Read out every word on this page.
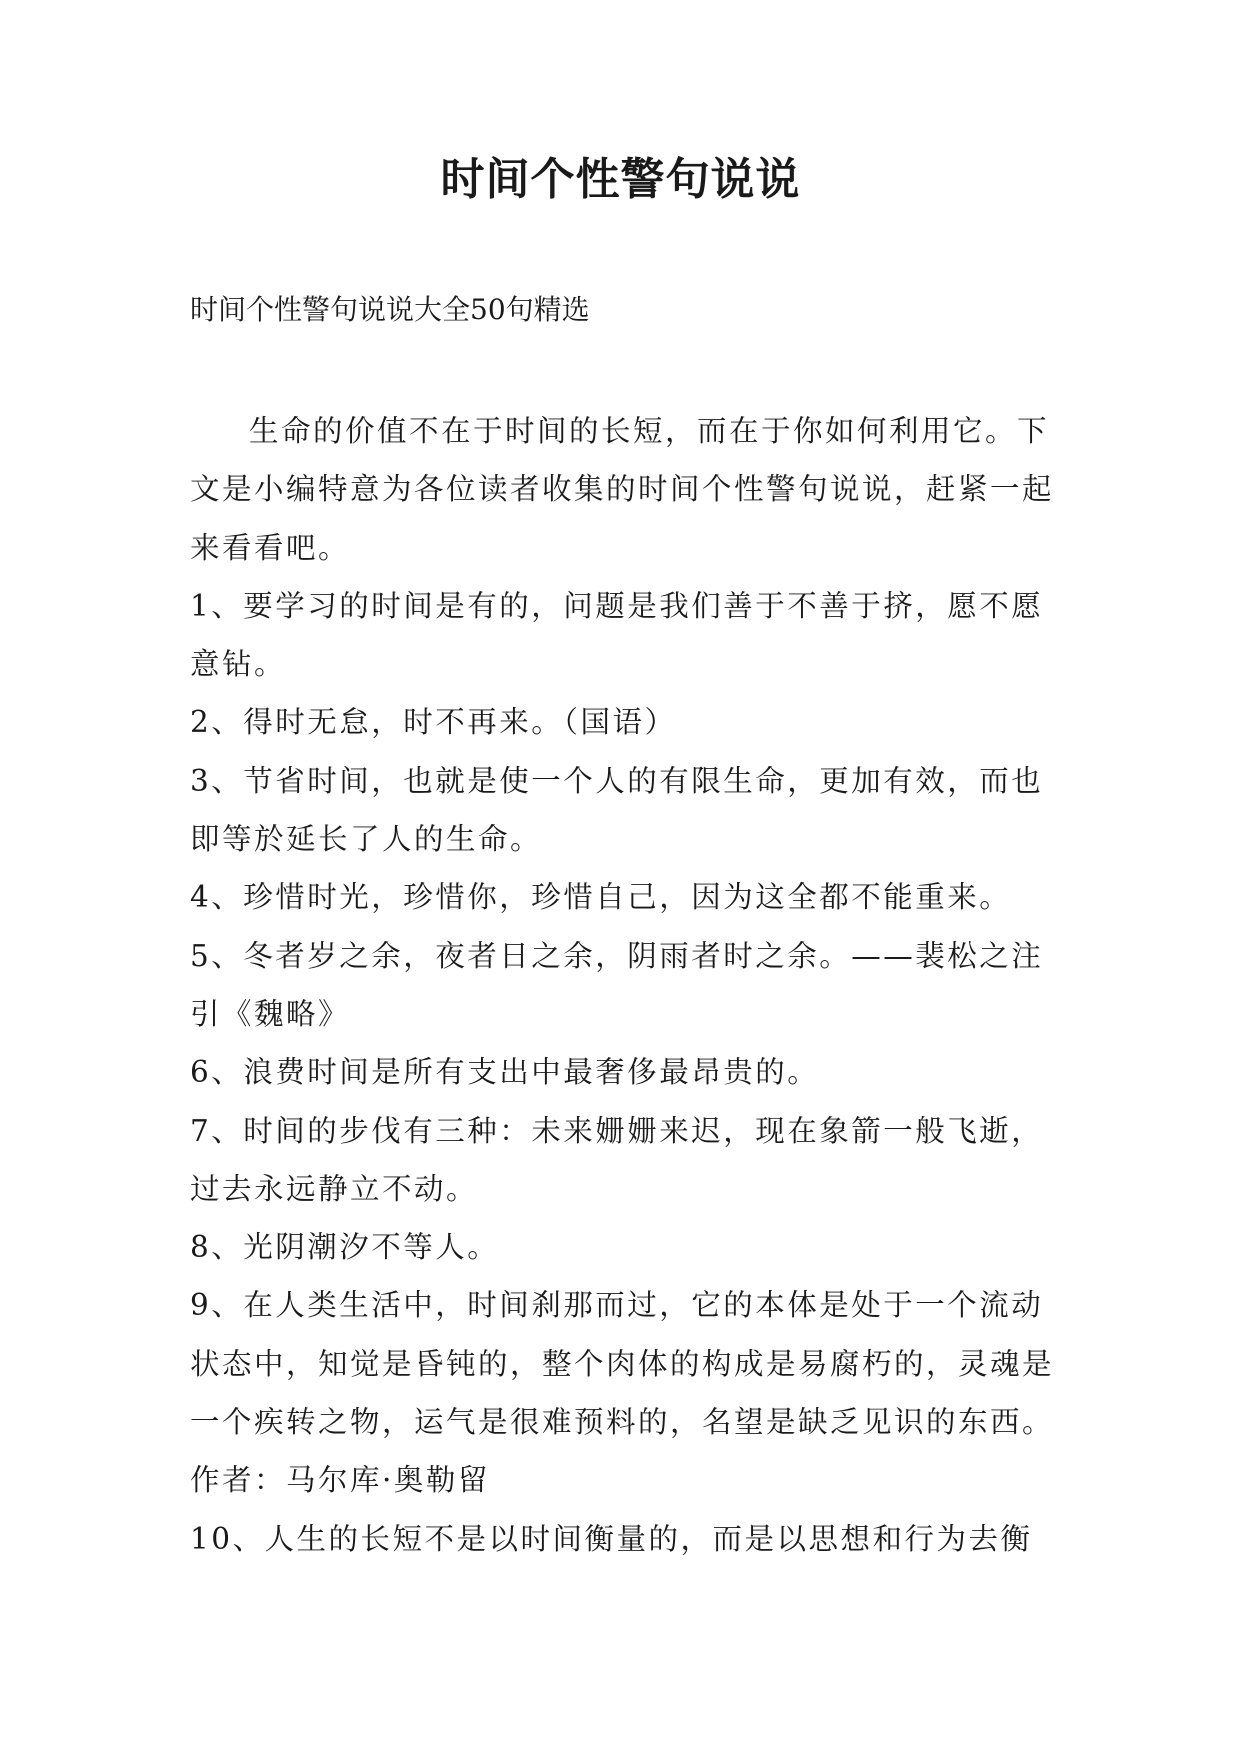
时间个性警句说说

时间个性警句说说大全50句精选

生命的价值不在于时间的长短，而在于你如何利用它。下文是小编特意为各位读者收集的时间个性警句说说，赶紧一起来看看吧。

1、要学习的时间是有的，问题是我们善于不善于挤，愿不愿意钻。

2、得时无怠，时不再来。（国语）

3、节省时间，也就是使一个人的有限生命，更加有效，而也即等於延长了人的生命。

4、珍惜时光，珍惜你，珍惜自己，因为这全都不能重来。

5、冬者岁之余，夜者日之余，阴雨者时之余。——裴松之注引《魏略》

6、浪费时间是所有支出中最奢侈最昂贵的。

7、时间的步伐有三种：未来姗姗来迟，现在象箭一般飞逝，过去永远静立不动。

8、光阴潮汐不等人。

9、在人类生活中，时间刹那而过，它的本体是处于一个流动状态中，知觉是昏钝的，整个肉体的构成是易腐朽的，灵魂是一个疾转之物，运气是很难预料的，名望是缺乏见识的东西。作者：马尔库·奥勒留

10、人生的长短不是以时间衡量的，而是以思想和行为去衡
